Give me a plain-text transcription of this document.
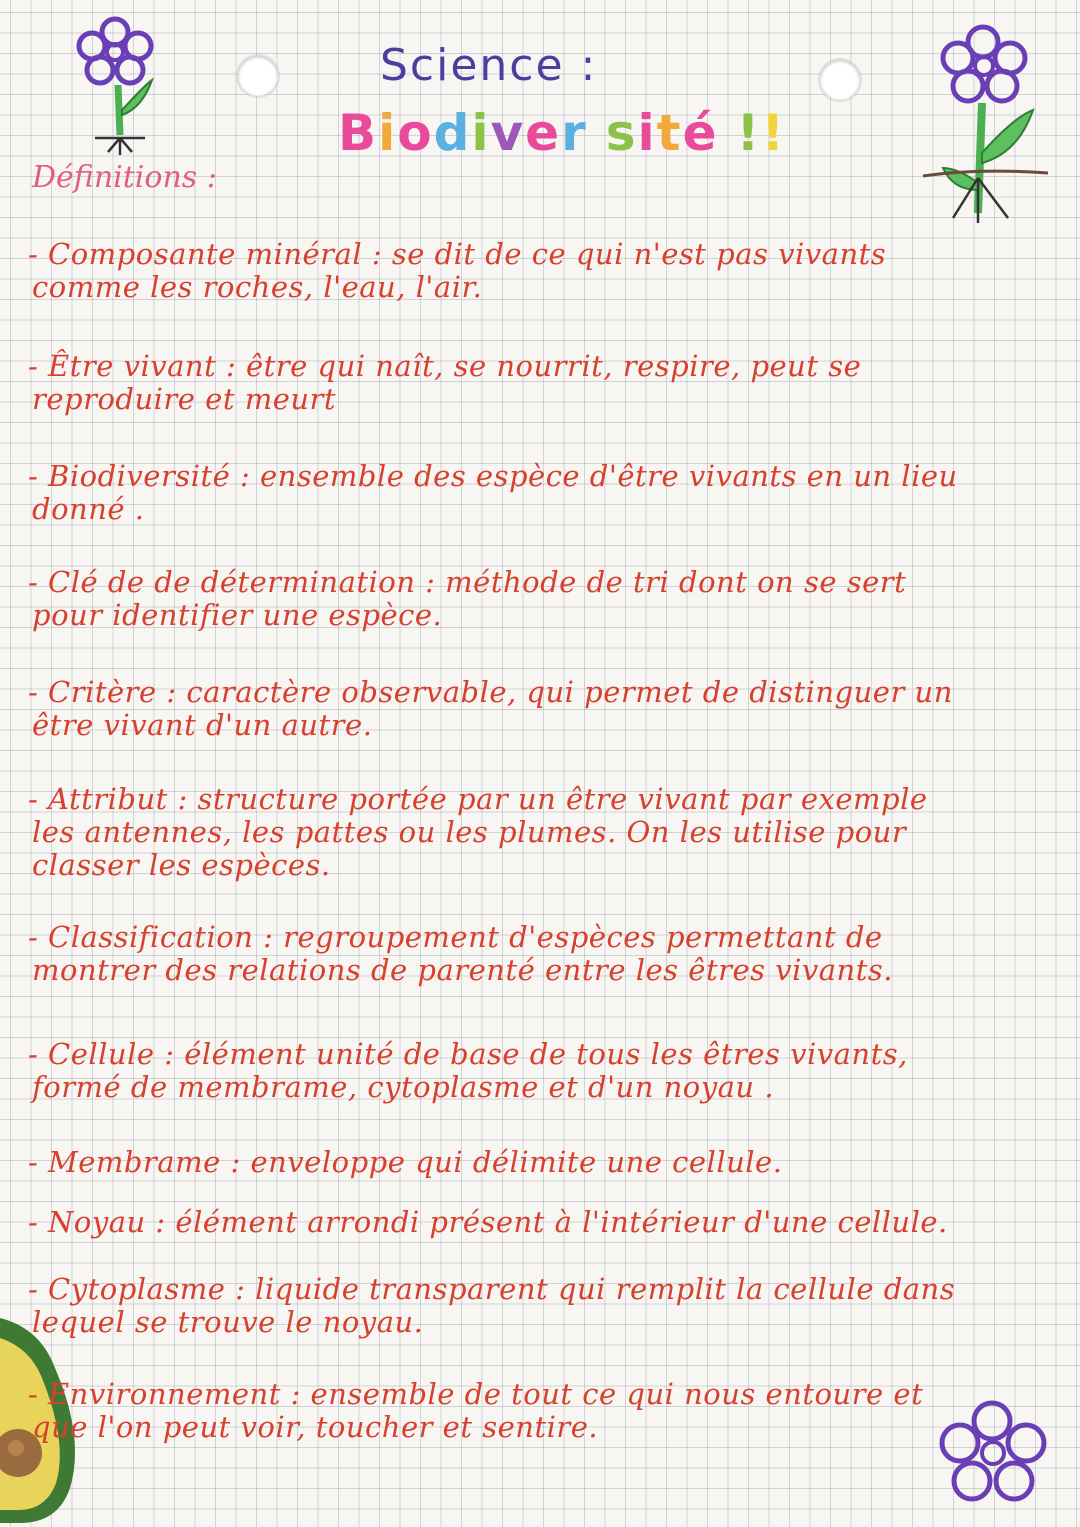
Science :
Biodiver sité !!
Définitions :
- Composante minéral : se dit de ce qui n'est pas vivants
comme les roches, l'eau, l'air.
- Être vivant : être qui naît, se nourrit, respire, peut se
reproduire et meurt
- Biodiversité : ensemble des espèce d'être vivants en un lieu
donné .
- Clé de de détermination : méthode de tri dont on se sert
pour identifier une espèce.
- Critère : caractère observable, qui permet de distinguer un
être vivant d'un autre.
- Attribut : structure portée par un être vivant par exemple
les antennes, les pattes ou les plumes. On les utilise pour
classer les espèces.
- Classification : regroupement d'espèces permettant de
montrer des relations de parenté entre les êtres vivants.
- Cellule : élément unité de base de tous les êtres vivants,
formé de membrame, cytoplasme et d'un noyau .
- Membrame : enveloppe qui délimite une cellule.
- Noyau : élément arrondi présent à l'intérieur d'une cellule.
- Cytoplasme : liquide transparent qui remplit la cellule dans
lequel se trouve le noyau.
- Environnement : ensemble de tout ce qui nous entoure et
que l'on peut voir, toucher et sentire.
